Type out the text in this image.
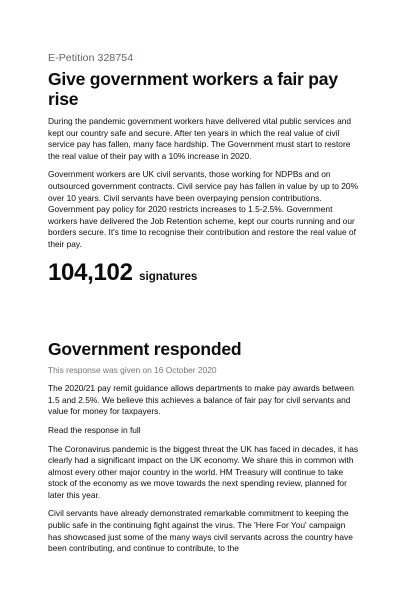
E-Petition 328754

Give government workers a fair pay rise

During the pandemic government workers have delivered vital public services and kept our country safe and secure. After ten years in which the real value of civil service pay has fallen, many face hardship. The Government must start to restore the real value of their pay with a 10% increase in 2020.

Government workers are UK civil servants, those working for NDPBs and on outsourced government contracts. Civil service pay has fallen in value by up to 20% over 10 years. Civil servants have been overpaying pension contributions. Government pay policy for 2020 restricts increases to 1.5-2.5%. Government workers have delivered the Job Retention scheme, kept our courts running and our borders secure. It's time to recognise their contribution and restore the real value of their pay.

104,102 signatures
Government responded

This response was given on 16 October 2020

The 2020/21 pay remit guidance allows departments to make pay awards between 1.5 and 2.5%. We believe this achieves a balance of fair pay for civil servants and value for money for taxpayers.

Read the response in full

The Coronavirus pandemic is the biggest threat the UK has faced in decades, it has clearly had a significant impact on the UK economy. We share this in common with almost every other major country in the world. HM Treasury will continue to take stock of the economy as we move towards the next spending review, planned for later this year.

Civil servants have already demonstrated remarkable commitment to keeping the public safe in the continuing fight against the virus. The 'Here For You' campaign has showcased just some of the many ways civil servants across the country have been contributing, and continue to contribute, to the
